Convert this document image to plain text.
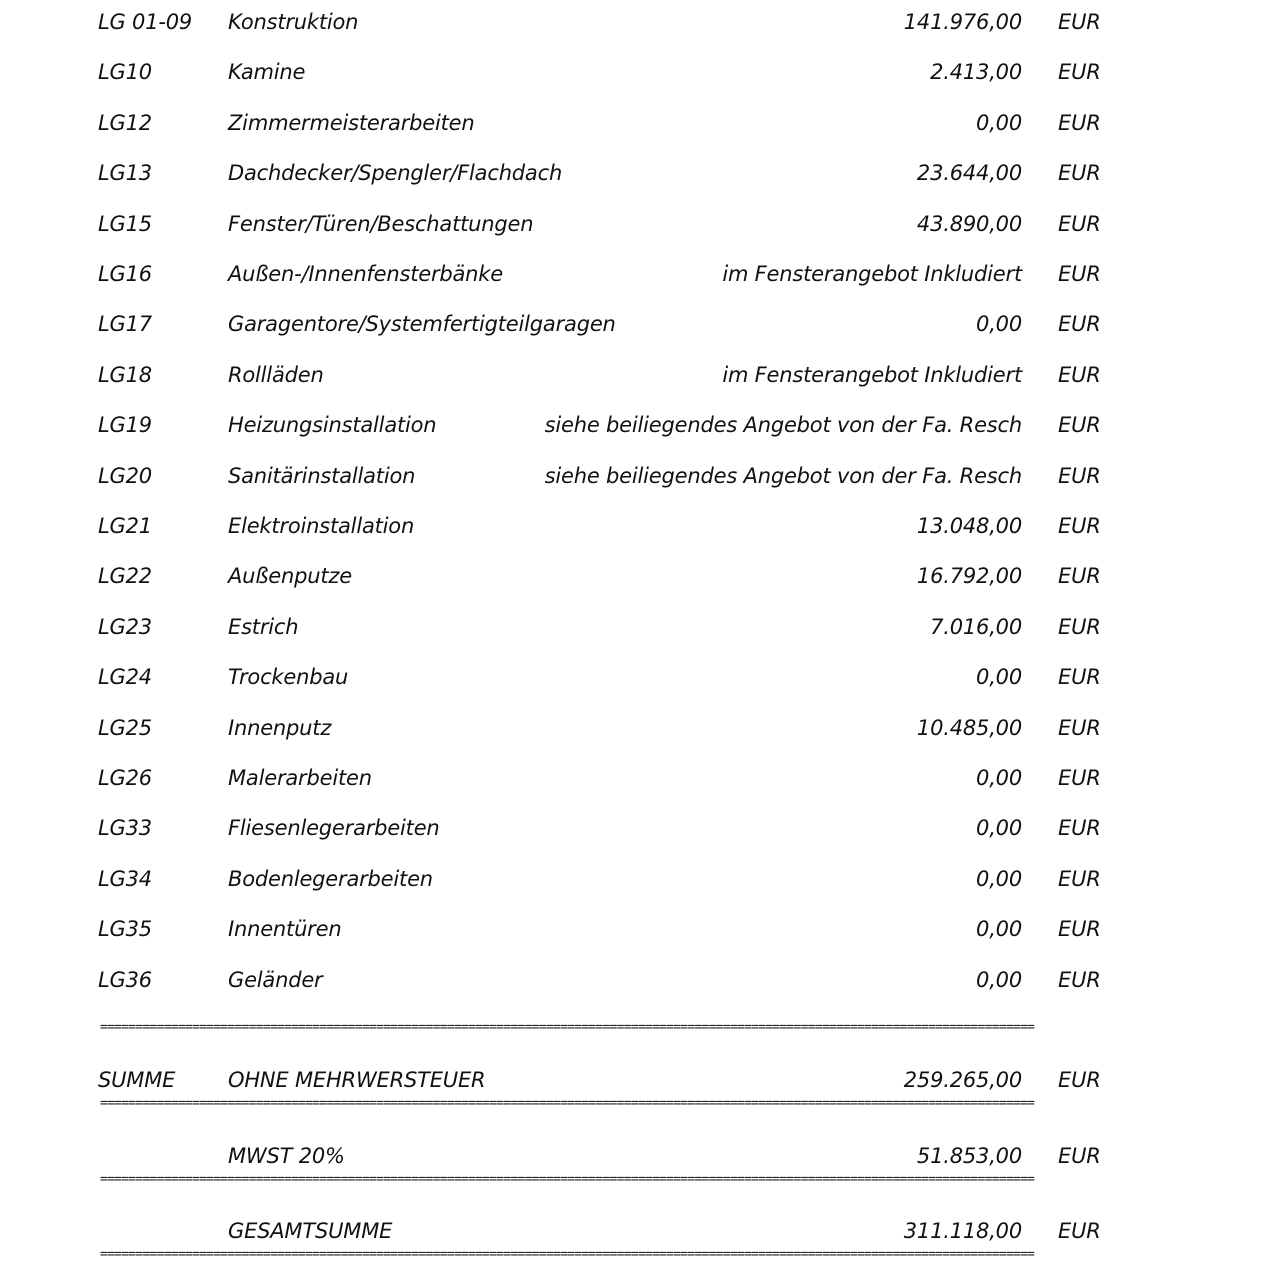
LG 01-09 Konstruktion	141.976,00 EUR
LG10	Kamine	2.413,00 EUR
LG12	Zimmermeisterarbeiten	0,00 EUR
LG13	Dachdecker/Spengler/Flachdach	23.644,00 EUR
LG15	Fenster/Türen/Beschattungen	43.890,00 EUR
LG16	Außen-/Innenfensterbänke	im Fensterangebot Inkludiert EUR
LG17	Garagentore/Systemfertigteilgaragen	0,00 EUR
LG18	Rollläden	im Fensterangebot Inkludiert EUR
LG19	Heizungsinstallation	siehe beiliegendes Angebot von der Fa. Resch EUR
LG20	Sanitärinstallation	siehe beiliegendes Angebot von der Fa. Resch EUR
LG21	Elektroinstallation	13.048,00 EUR
LG22	Außenputze	16.792,00 EUR
LG23	Estrich	7.016,00 EUR
LG24	Trockenbau	0,00 EUR
LG25	Innenputz	10.485,00 EUR
LG26	Malerarbeiten	0,00 EUR
LG33	Fliesenlegerarbeiten	0,00 EUR
LG34	Bodenlegerarbeiten	0,00 EUR
LG35	Innentüren	0,00 EUR
LG36	Geländer	0,00 EUR
====================================================================================================================================
SUMME	OHNE MEHRWERSTEUER	259.265,00 EUR
====================================================================================================================================
MWST 20%	51.853,00 EUR
====================================================================================================================================
GESAMTSUMME	311.118,00 EUR
====================================================================================================================================
